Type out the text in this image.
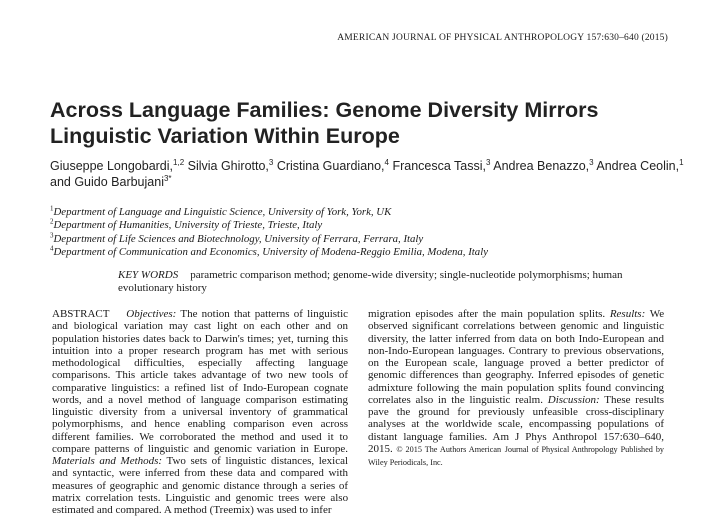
AMERICAN JOURNAL OF PHYSICAL ANTHROPOLOGY 157:630–640 (2015)
Across Language Families: Genome Diversity Mirrors Linguistic Variation Within Europe
Giuseppe Longobardi,$^{1,2}$ Silvia Ghirotto,$^3$ Cristina Guardiano,$^4$ Francesca Tassi,$^3$ Andrea Benazzo,$^3$ Andrea Ceolin,$^1$ and Guido Barbujani$^{3*}$
$^1$Department of Language and Linguistic Science, University of York, York, UK
$^2$Department of Humanities, University of Trieste, Trieste, Italy
$^3$Department of Life Sciences and Biotechnology, University of Ferrara, Ferrara, Italy
$^4$Department of Communication and Economics, University of Modena-Reggio Emilia, Modena, Italy
KEY WORDS parametric comparison method; genome-wide diversity; single-nucleotide polymorphisms; human evolutionary history
ABSTRACT Objectives: The notion that patterns of linguistic and biological variation may cast light on each other and on population histories dates back to Darwin's times; yet, turning this intuition into a proper research program has met with serious methodological difficulties, especially affecting language comparisons. This article takes advantage of two new tools of comparative linguistics: a refined list of Indo-European cognate words, and a novel method of language comparison estimating linguistic diversity from a universal inventory of grammatical polymorphisms, and hence enabling comparison even across different families. We corroborated the method and used it to compare patterns of linguistic and genomic variation in Europe. Materials and Methods: Two sets of linguistic distances, lexical and syntactic, were inferred from these data and compared with measures of geographic and genomic distance through a series of matrix correlation tests. Linguistic and genomic trees were also estimated and compared. A method (Treemix) was used to infer
migration episodes after the main population splits. Results: We observed significant correlations between genomic and linguistic diversity, the latter inferred from data on both Indo-European and non-Indo-European languages. Contrary to previous observations, on the European scale, language proved a better predictor of genomic differences than geography. Inferred episodes of genetic admixture following the main population splits found convincing correlates also in the linguistic realm. Discussion: These results pave the ground for previously unfeasible cross-disciplinary analyses at the worldwide scale, encompassing populations of distant language families. Am J Phys Anthropol 157:630–640, 2015. © 2015 The Authors American Journal of Physical Anthropology Published by Wiley Periodicals, Inc.
